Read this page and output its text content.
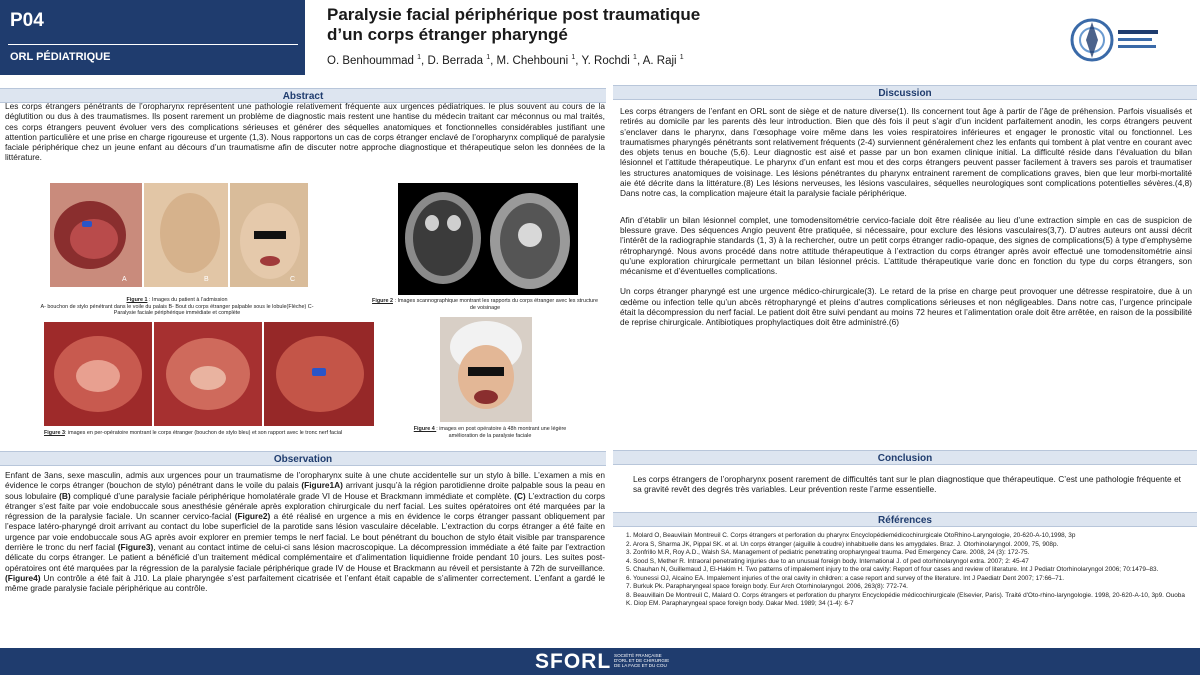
P04
ORL PÉDIATRIQUE
Paralysie facial périphérique post traumatique
d’un corps étranger pharyngé
O. Benhoummad $^1$, D. Berrada $^1$, M. Chehbouni $^1$, Y. Rochdi $^1$, A. Raji $^1$
Abstract
Les corps étrangers pénétrants de l’oropharynx représentent une pathologie relativement fréquente aux urgences pédiatriques. le plus souvent au cours de la déglutition ou dus à des traumatismes. Ils posent rarement un problème de diagnostic mais restent une hantise du médecin traitant car méconnus ou mal traités, ces corps étrangers peuvent évoluer vers des complications sérieuses et générer des séquelles anatomiques et fonctionnelles considérables justifiant une attention particulière et une prise en charge rigoureuse et urgente (1,3). Nous rapportons un cas de corps étranger enclavé de l’oropharynx compliqué de paralysie faciale périphérique chez un jeune enfant au décours d’un traumatisme afin de discuter notre approche diagnostique et thérapeutique selon les données de la littérature.
A	B	C
Figure 1 : Images du patient à l’admission
A- bouchon de stylo pénétrant dans le voile du palais B- Bout du corps étranger palpable sous le lobule(Flèche) C- Paralysie faciale périphérique immédiate et complète
Figure 2 : Images scannographique montrant les rapports du corps étranger avec les structure de voisinage
Figure 3: images en per-opératoire montrant le corps étranger (bouchon de stylo bleu) et son rapport avec le tronc nerf facial
Figure 4 : images en post opératoire à 48h montrant une légère amélioration de la paralysie faciale
Observation
Enfant de 3ans, sexe masculin, admis aux urgences pour un traumatisme de l’oropharynx suite à une chute accidentelle sur un stylo à bille. L’examen a mis en évidence le corps étranger (bouchon de stylo) pénétrant dans le voile du palais (Figure1A) arrivant jusqu’à la région parotidienne droite palpable sous la peau en sous lobulaire (B) compliqué d’une paralysie faciale périphérique homolatérale grade VI de House et Brackmann immédiate et complète. (C) L’extraction du corps étranger s’est faite par voie endobuccale sous anesthésie générale après exploration chirurgicale du nerf facial. Les suites opératoires ont été marquées par la régression de la paralysie faciale. Un scanner cervico-facial (Figure2) a été réalisé en urgence a mis en évidence le corps étranger passant obliquement par l’espace latéro-pharyngé droit arrivant au contact du lobe superficiel de la parotide sans lésion vasculaire décelable. L’extraction du corps étranger a été faite en urgence par voie endobuccale sous AG après avoir explorer en premier temps le nerf facial. Le bout pénétrant du bouchon de stylo était visible par transparence derrière le tronc du nerf facial (Figure3), venant au contact intime de celui-ci sans lésion macroscopique. La décompression immédiate a été faite par l’extraction délicate du corps étranger. Le patient a bénéficié d’un traitement médical complémentaire et d’alimentation liquidienne froide pendant 10 jours. Les suites post-opératoires ont été marquées par la régression de la paralysie faciale périphérique grade IV de House et Brackmann au réveil et persistante à 72h de surveillance. (Figure4) Un contrôle a été fait à J10. La plaie pharyngée s’est parfaitement cicatrisée et l’enfant était capable de s’alimenter correctement. L’enfant a gardé le même grade paralysie faciale périphérique au contrôle.
Discussion

Les corps étrangers de l’enfant en ORL sont de siège et de nature diverse(1). Ils concernent tout âge à partir de l’âge de préhension. Parfois visualisés et retirés au domicile par les parents dès leur introduction. Bien que dès fois il peut s’agir d’un incident parfaitement anodin, les corps étrangers peuvent s’enclaver dans le pharynx, dans l’œsophage voire même dans les voies respiratoires inférieures et engager le pronostic vital ou fonctionnel. Les traumatismes pharyngés pénétrants sont relativement fréquents (2-4) surviennent généralement chez les enfants qui tombent à plat ventre en courant avec des objets tenus en bouche (5,6). Leur diagnostic est aisé et passe par un bon examen clinique initial. La difficulté réside dans l’évaluation du bilan lésionnel et l’attitude thérapeutique. Le pharynx d’un enfant est mou et des corps étrangers peuvent passer facilement à travers ses parois et traumatiser les structures anatomiques de voisinage. Les lésions pénétrantes du pharynx entrainent rarement de complications graves, bien que leur morbi-mortalité aie été décrite dans la littérature.(8) Les lésions nerveuses, les lésions vasculaires, séquelles neurologiques sont complications potentielles sévères.(4,8) Dans notre cas, la complication majeure était la paralysie faciale périphérique.

Afin d’établir un bilan lésionnel complet, une tomodensitométrie cervico-faciale doit être réalisée au lieu d’une extraction simple en cas de suspicion de blessure grave. Des séquences Angio peuvent être pratiquée, si nécessaire, pour exclure des lésions vasculaires(3,7). D’autres auteurs ont aussi décrit l’intérêt de la radiographie standards (1, 3) à la rechercher, outre un petit corps étranger radio-opaque, des signes de complications(5) à type d’emphysème rétropharyngé. Nous avons procédé dans notre attitude thérapeutique à l’extraction du corps étranger après avoir effectué une tomodensitométrie ainsi qu’une exploration chirurgicale permettant un bilan lésionnel précis. L’attitude thérapeutique varie donc en fonction du type du corps étrangers, son mécanisme et d’éventuelles complications.

Un corps étranger pharyngé est une urgence médico-chirurgicale(3). Le retard de la prise en charge peut provoquer une détresse respiratoire, due à un œdème ou infection telle qu’un abcès rétropharyngé et pleins d’autres complications sérieuses et non négligeables. Dans notre cas, l’urgence principale était la décompression du nerf facial. Le patient doit être suivi pendant au moins 72 heures et l’alimentation orale doit être arrêtée, en raison de la possibilité de reprise chirurgicale. Antibiotiques prophylactiques doit être administré.(6)

Conclusion
Les corps étrangers de l’oropharynx posent rarement de difficultés tant sur le plan diagnostique que thérapeutique. C’est une pathologie fréquente et sa gravité revêt des degrés très variables. Leur prévention reste l’arme essentielle.
Références
1. Molard O, Beauvilain Montreuil C. Corps étrangers et perforation du pharynx Encyclopédiemédicochirurgicale OtoRhino-Laryngologie, 20-620-A-10,1998, 3p
2. Arora S, Sharma JK, Pippal SK. et al. Un corps étranger (aiguille à coudre) inhabituelle dans les amygdales. Braz. J. Otorhinolaryngol. 2009, 75, 908p.
3. Zonfrillo M.R, Roy A.D., Walsh SA. Management of pediatric penetrating oropharyngeal trauma. Ped Emergency Care. 2008, 24 (3): 172-75.
4. Sood S, Mether R. Intraoral penetrating injuries due to an unusual foreign body. International J. of ped otorhinolaryngol extra. 2007; 2: 45-47
5. Chauhan N, Guillemaud J, El-Hakim H. Two patterns of impalement injury to the oral cavity: Report of four cases and review of literature. Int J Pediatr Otorhinolaryngol 2006; 70:1479–83.
6. Younessi OJ, Alcaino EA. Impalement injuries of the oral cavity in children: a case report and survey of the literature. Int J Paediatr Dent 2007; 17:66–71.
7. Burkuk Pk. Parapharyngeal space foreign body. Eur Arch Otorhinolaryngol. 2006, 263(8): 772-74.
8. Beauvillain De Montreuil C, Malard O. Corps étrangers et perforation du pharynx Encyclopédie médicochirurgicale (Elsevier, Paris). Traité d'Oto-rhino-laryngologie. 1998, 20-620-A-10, 3p9. Ouoba K. Diop EM. Parapharyngeal space foreign body. Dakar Med. 1989; 34 (1-4): 6-7
SFORL SOCIÉTÉ FRANÇAISE
D'ORL ET DE CHIRURGIE
DE LA FACE ET DU COU
